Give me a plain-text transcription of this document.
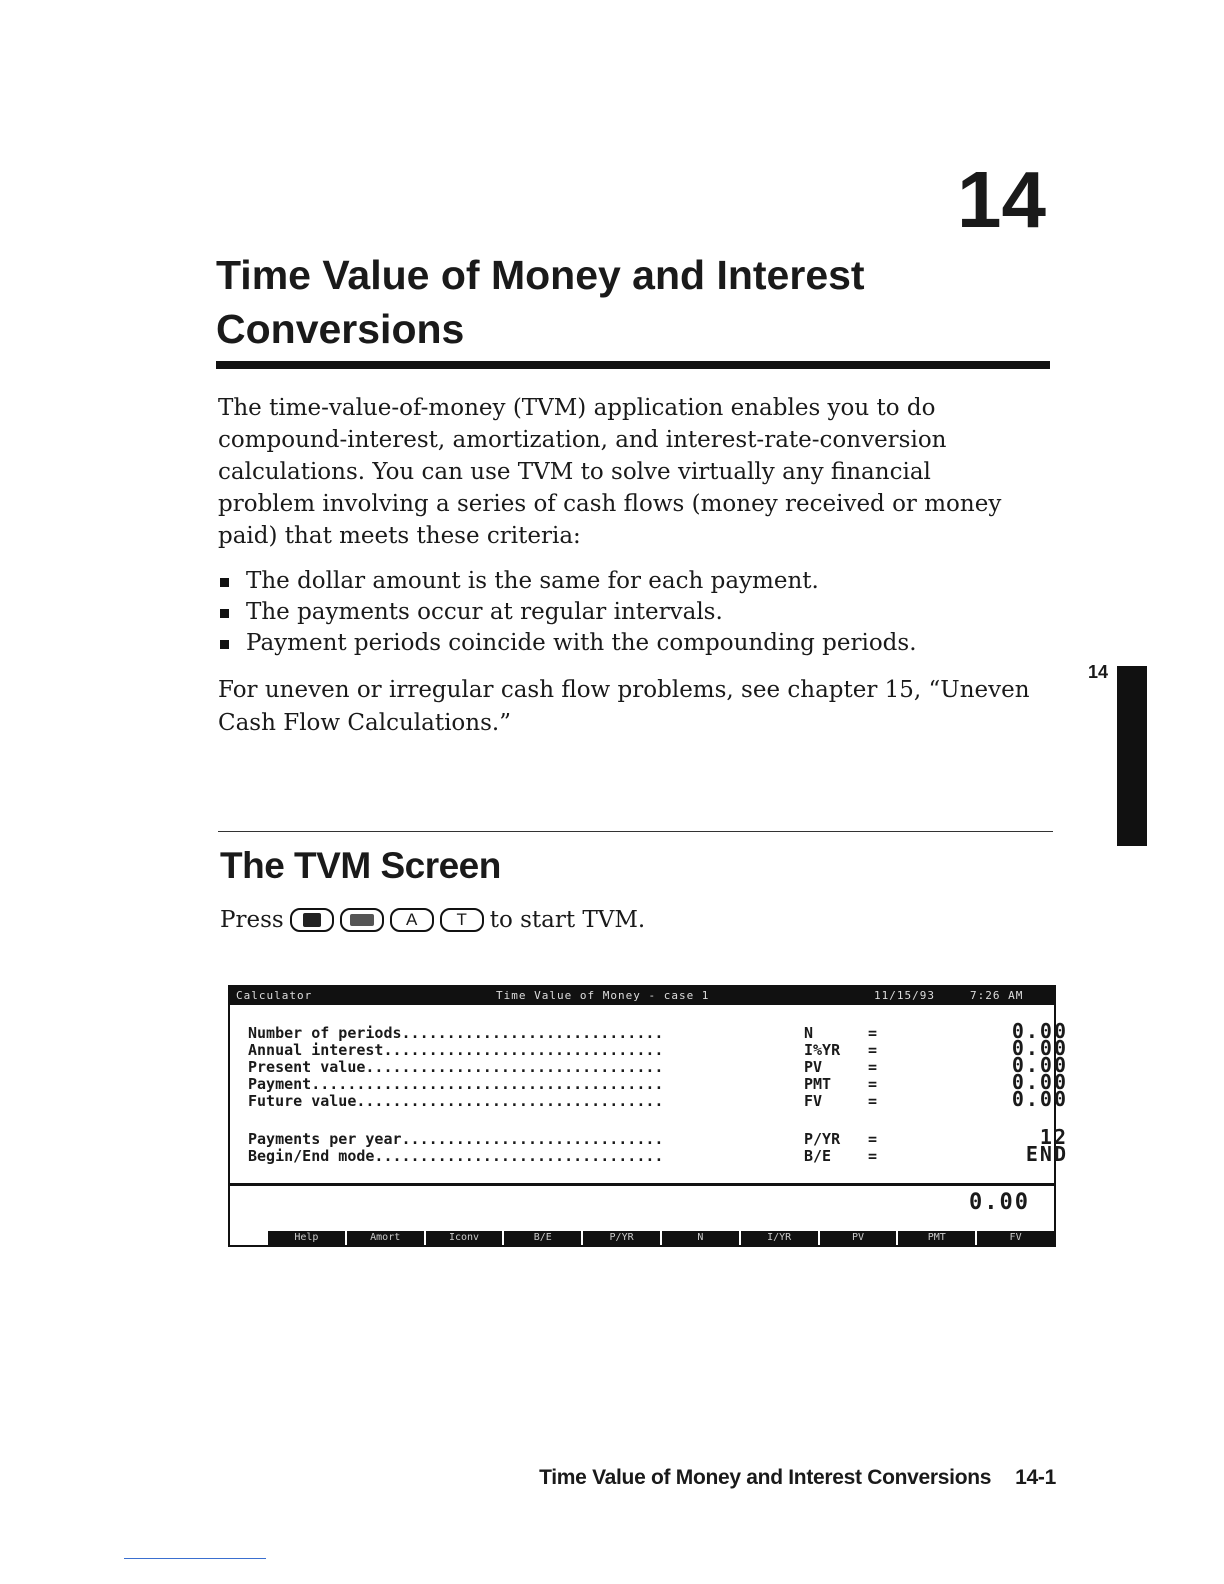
14
Time Value of Money and Interest Conversions

The time-value-of-money (TVM) application enables you to do compound-interest, amortization, and interest-rate-conversion calculations. You can use TVM to solve virtually any financial problem involving a series of cash flows (money received or money paid) that meets these criteria:

The dollar amount is the same for each payment.
The payments occur at regular intervals.
Payment periods coincide with the compounding periods.

For uneven or irregular cash flow problems, see chapter 15, “Uneven Cash Flow Calculations.”

14
The TVM Screen
Press	A	T to start TVM.
Calculator	Time Value of Money - case 1	11/15/93	7:26 AM
Number of periods.............................	N	=	0.00
Annual interest...............................	I%YR	=	0.00
Present value.................................	PV	=	0.00
Payment.......................................	PMT	=	0.00
Future value..................................	FV	=	0.00
Payments per year.............................	P/YR	=	12
Begin/End mode................................	B/E	=	END
0.00
Help	Amort	Iconv	B/E	P/YR	N	I/YR	PV	PMT	FV
Time Value of Money and Interest Conversions 14-1
